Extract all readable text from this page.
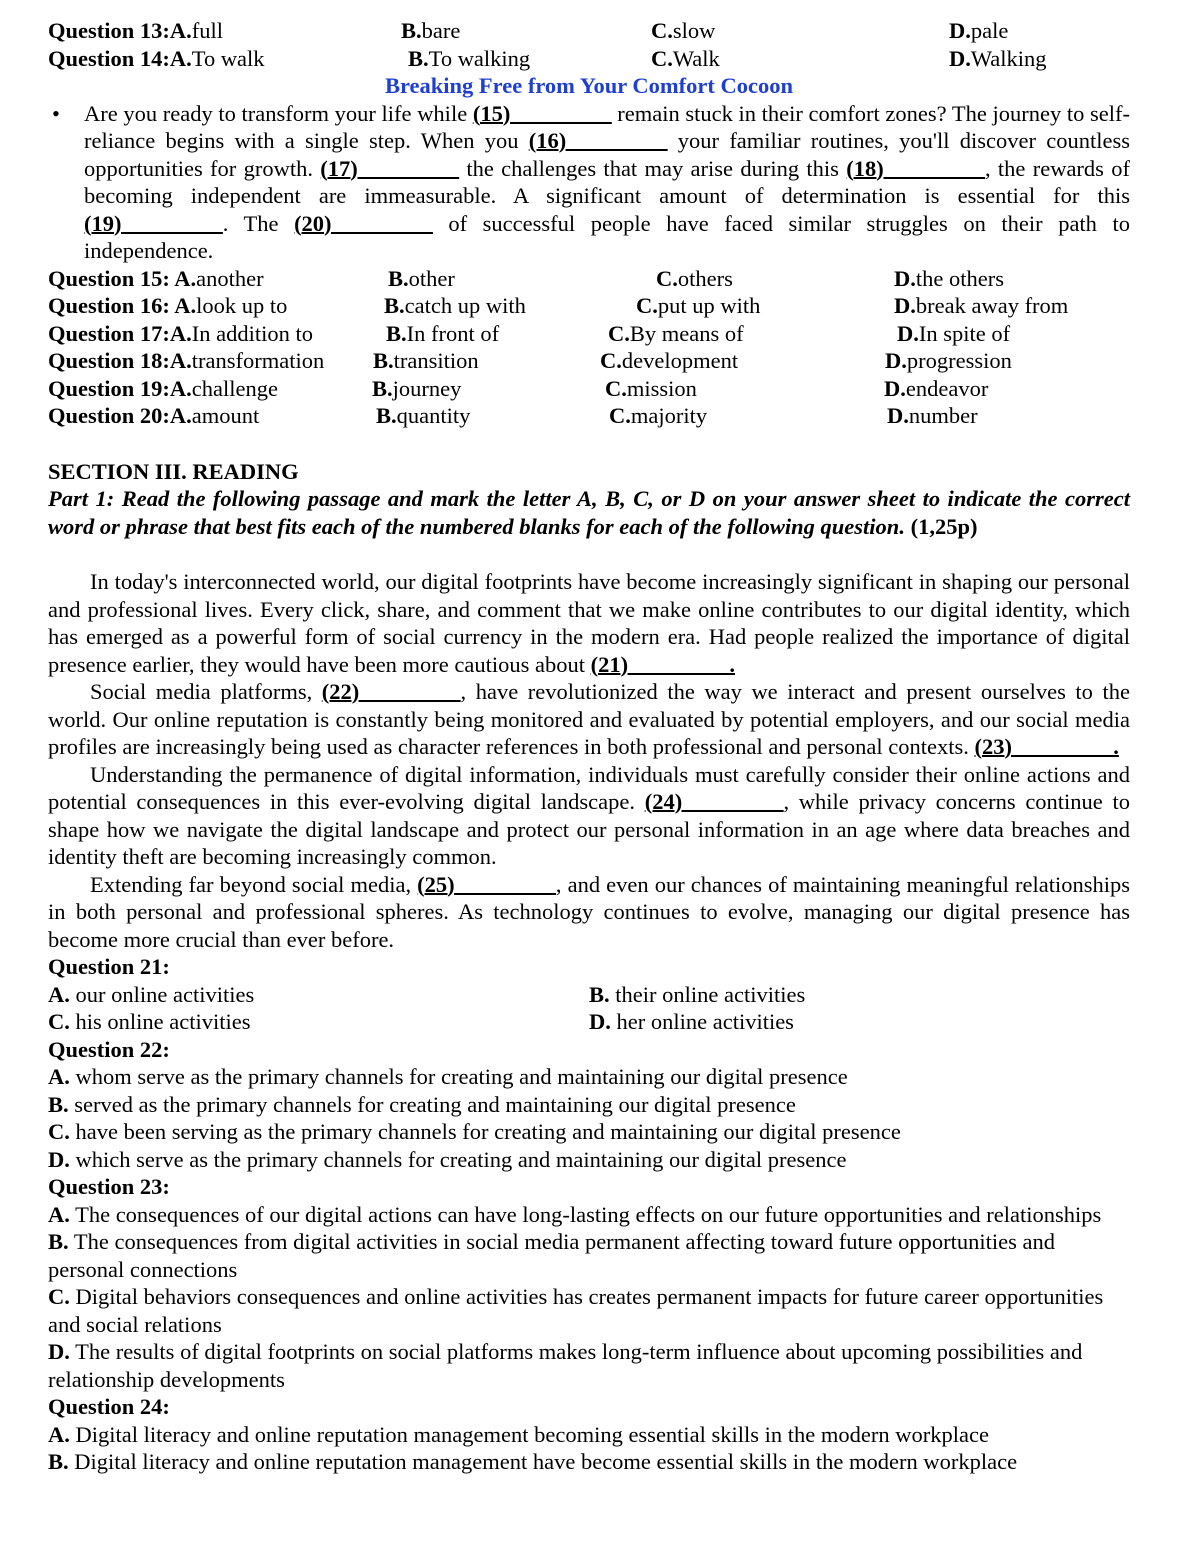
Question 13:A.full	B.bare	C.slow	D.pale
Question 14:A.To walk	B.To walking	C.Walk	D.Walking
Breaking Free from Your Comfort Cocoon
• Are you ready to transform your life while (15)_________ remain stuck in their comfort zones? The journey to self-reliance begins with a single step. When you (16)_________ your familiar routines, you'll discover countless opportunities for growth. (17)_________ the challenges that may arise during this (18)_________, the rewards of becoming independent are immeasurable. A significant amount of determination is essential for this (19)_________. The (20)_________ of successful people have faced similar struggles on their path to independence.
Question 15: A.another	B.other	C.others	D.the others
Question 16: A.look up to	B.catch up with	C.put up with	D.break away from
Question 17:A.In addition to	B.In front of	C.By means of	D.In spite of
Question 18:A.transformation	B.transition	C.development	D.progression
Question 19:A.challenge	B.journey	C.mission	D.endeavor
Question 20:A.amount	B.quantity	C.majority	D.number
SECTION III. READING
Part 1: Read the following passage and mark the letter A, B, C, or D on your answer sheet to indicate the correct word or phrase that best fits each of the numbered blanks for each of the following question. (1,25p)
In today's interconnected world, our digital footprints have become increasingly significant in shaping our personal and professional lives. Every click, share, and comment that we make online contributes to our digital identity, which has emerged as a powerful form of social currency in the modern era. Had people realized the importance of digital presence earlier, they would have been more cautious about (21)_________.
Social media platforms, (22)_________, have revolutionized the way we interact and present ourselves to the world. Our online reputation is constantly being monitored and evaluated by potential employers, and our social media profiles are increasingly being used as character references in both professional and personal contexts. (23)_________.
Understanding the permanence of digital information, individuals must carefully consider their online actions and potential consequences in this ever-evolving digital landscape. (24)_________, while privacy concerns continue to shape how we navigate the digital landscape and protect our personal information in an age where data breaches and identity theft are becoming increasingly common.
Extending far beyond social media, (25)_________, and even our chances of maintaining meaningful relationships in both personal and professional spheres. As technology continues to evolve, managing our digital presence has become more crucial than ever before.
Question 21:
A. our online activities	B. their online activities
C. his online activities	D. her online activities
Question 22:
A. whom serve as the primary channels for creating and maintaining our digital presence
B. served as the primary channels for creating and maintaining our digital presence
C. have been serving as the primary channels for creating and maintaining our digital presence
D. which serve as the primary channels for creating and maintaining our digital presence
Question 23:
A. The consequences of our digital actions can have long-lasting effects on our future opportunities and relationships
B. The consequences from digital activities in social media permanent affecting toward future opportunities and personal connections
C. Digital behaviors consequences and online activities has creates permanent impacts for future career opportunities and social relations
D. The results of digital footprints on social platforms makes long-term influence about upcoming possibilities and relationship developments
Question 24:
A. Digital literacy and online reputation management becoming essential skills in the modern workplace
B. Digital literacy and online reputation management have become essential skills in the modern workplace
